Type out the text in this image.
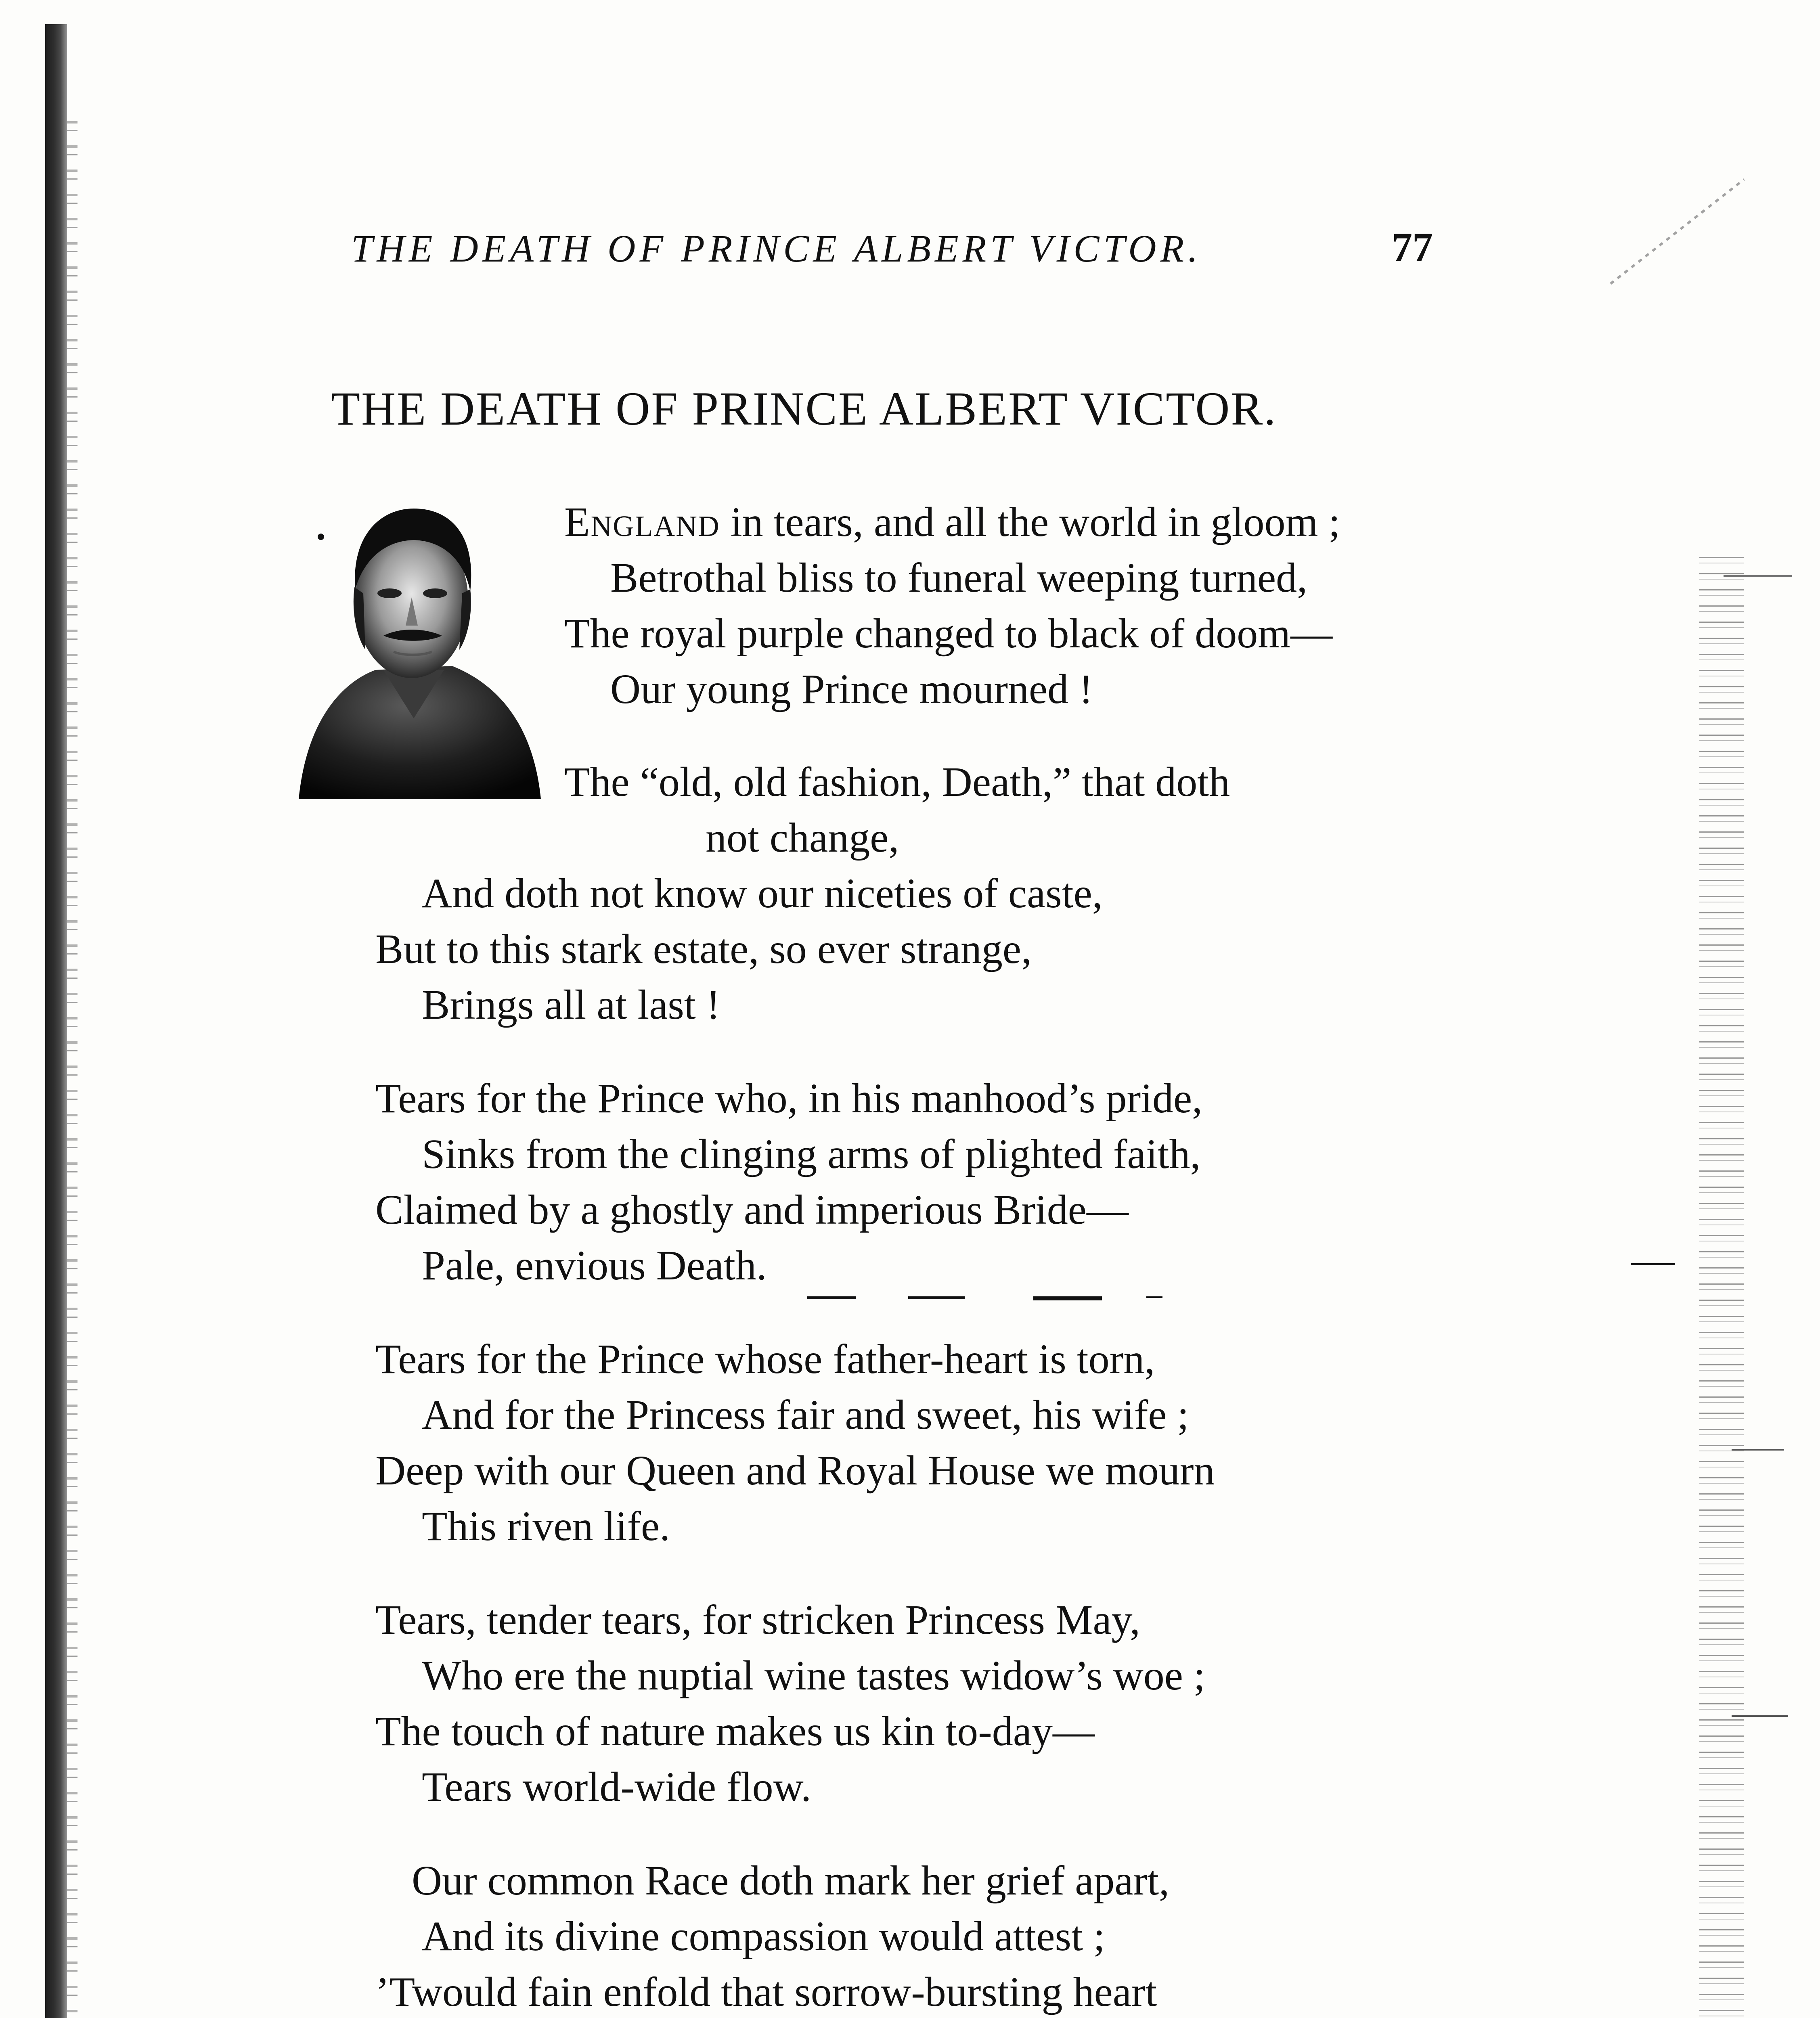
THE DEATH OF PRINCE ALBERT VICTOR.	77
THE DEATH OF PRINCE ALBERT VICTOR.
England in tears, and all the world in gloom ;
Betrothal bliss to funeral weeping turned,
The royal purple changed to black of doom—
Our young Prince mourned !
The “old, old fashion, Death,” that doth
not change,
And doth not know our niceties of caste,
But to this stark estate, so ever strange,
Brings all at last !
Tears for the Prince who, in his manhood’s pride,
Sinks from the clinging arms of plighted faith,
Claimed by a ghostly and imperious Bride—
Pale, envious Death.
Tears for the Prince whose father-heart is torn,
And for the Princess fair and sweet, his wife ;
Deep with our Queen and Royal House we mourn
This riven life.
Tears, tender tears, for stricken Princess May,
Who ere the nuptial wine tastes widow’s woe ;
The touch of nature makes us kin to-day—
Tears world-wide flow.
Our common Race doth mark her grief apart,
And its divine compassion would attest ;
’Twould fain enfold that sorrow-bursting heart
